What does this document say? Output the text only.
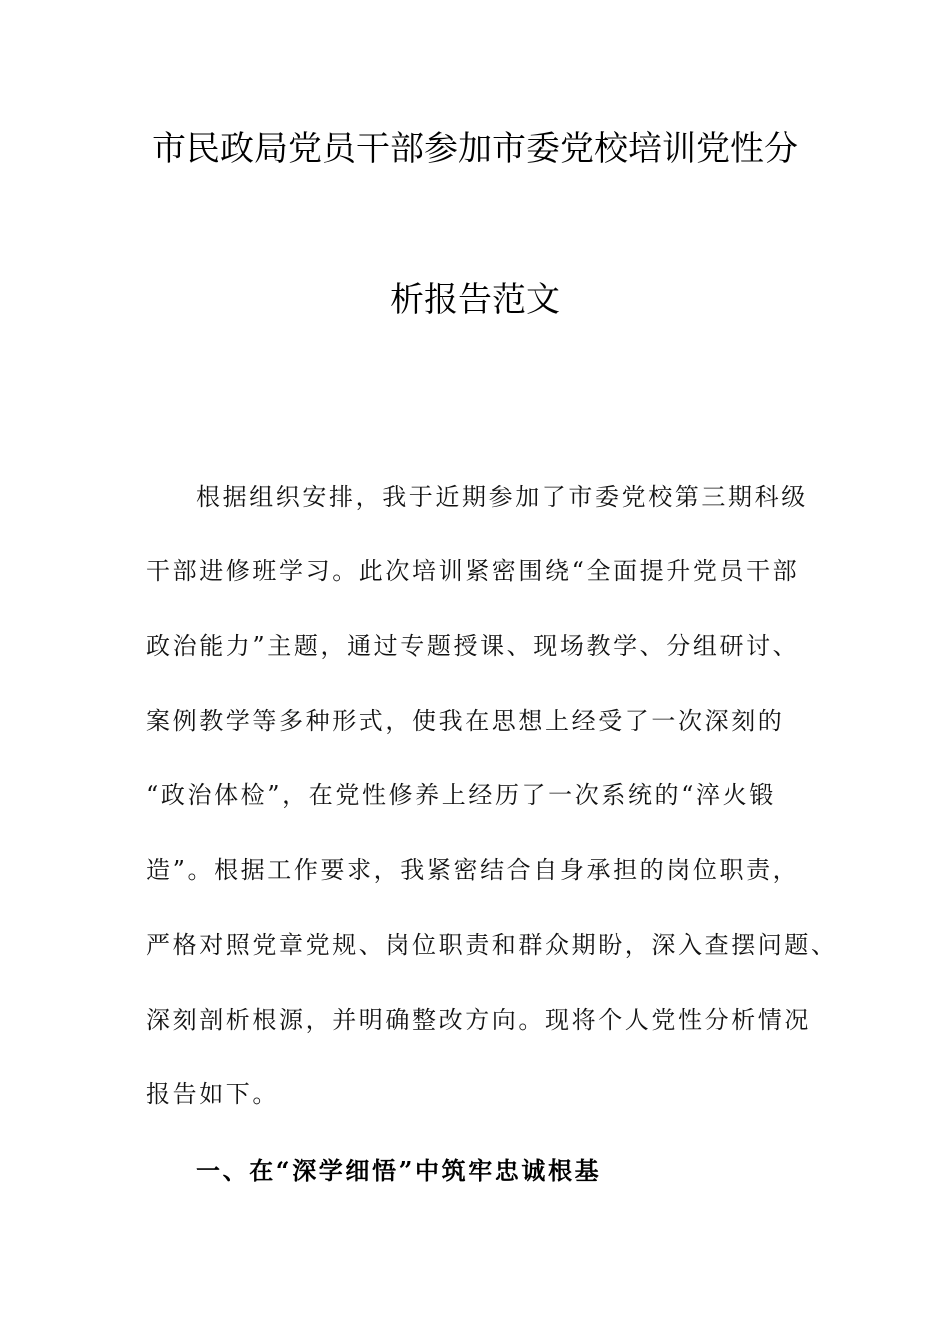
市民政局党员干部参加市委党校培训党性分
析报告范文
根据组织安排，我于近期参加了市委党校第三期科级
干部进修班学习。此次培训紧密围绕“全面提升党员干部
政治能力”主题，通过专题授课、现场教学、分组研讨、
案例教学等多种形式，使我在思想上经受了一次深刻的
“政治体检”，在党性修养上经历了一次系统的“淬火锻
造”。根据工作要求，我紧密结合自身承担的岗位职责，
严格对照党章党规、岗位职责和群众期盼，深入查摆问题、
深刻剖析根源，并明确整改方向。现将个人党性分析情况
报告如下。
一、在“深学细悟”中筑牢忠诚根基
